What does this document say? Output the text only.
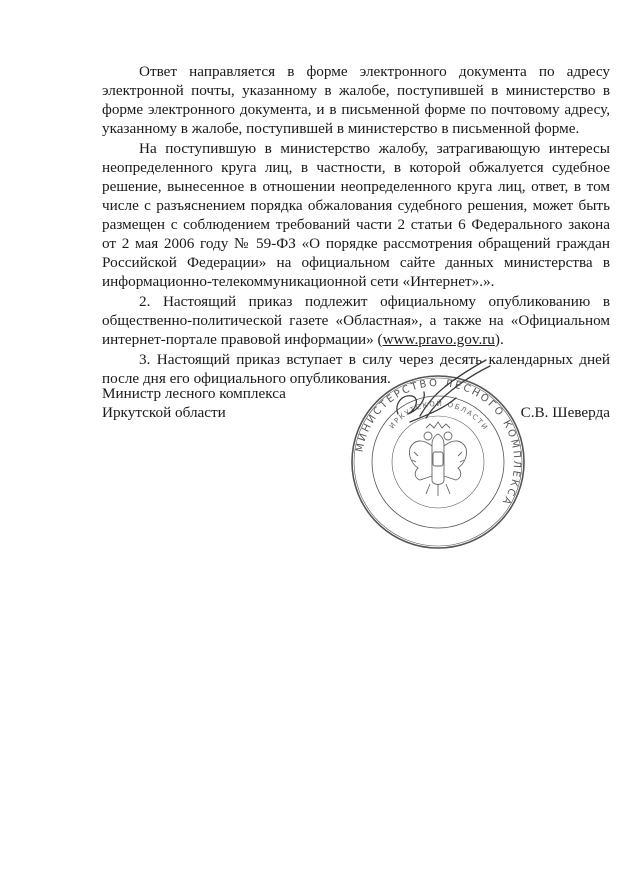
Ответ направляется в форме электронного документа по адресу электронной почты, указанному в жалобе, поступившей в министерство в форме электронного документа, и в письменной форме по почтовому адресу, указанному в жалобе, поступившей в министерство в письменной форме.

На поступившую в министерство жалобу, затрагивающую интересы неопределенного круга лиц, в частности, в которой обжалуется судебное решение, вынесенное в отношении неопределенного круга лиц, ответ, в том числе с разъяснением порядка обжалования судебного решения, может быть размещен с соблюдением требований части 2 статьи 6 Федерального закона от 2 мая 2006 году № 59-ФЗ «О порядке рассмотрения обращений граждан Российской Федерации» на официальном сайте данных министерства в информационно-телекоммуникационной сети «Интернет».».

2. Настоящий приказ подлежит официальному опубликованию в общественно-политической газете «Областная», а также на «Официальном интернет-портале правовой информации» (www.pravo.gov.ru).

3. Настоящий приказ вступает в силу через десять календарных дней после дня его официального опубликования.

Министр лесного комплекса
Иркутской области	С.В. Шеверда
МИНИСТЕРСТВО ЛЕСНОГО КОМПЛЕКСА
ИРКУТСКОЙ ОБЛАСТИ
